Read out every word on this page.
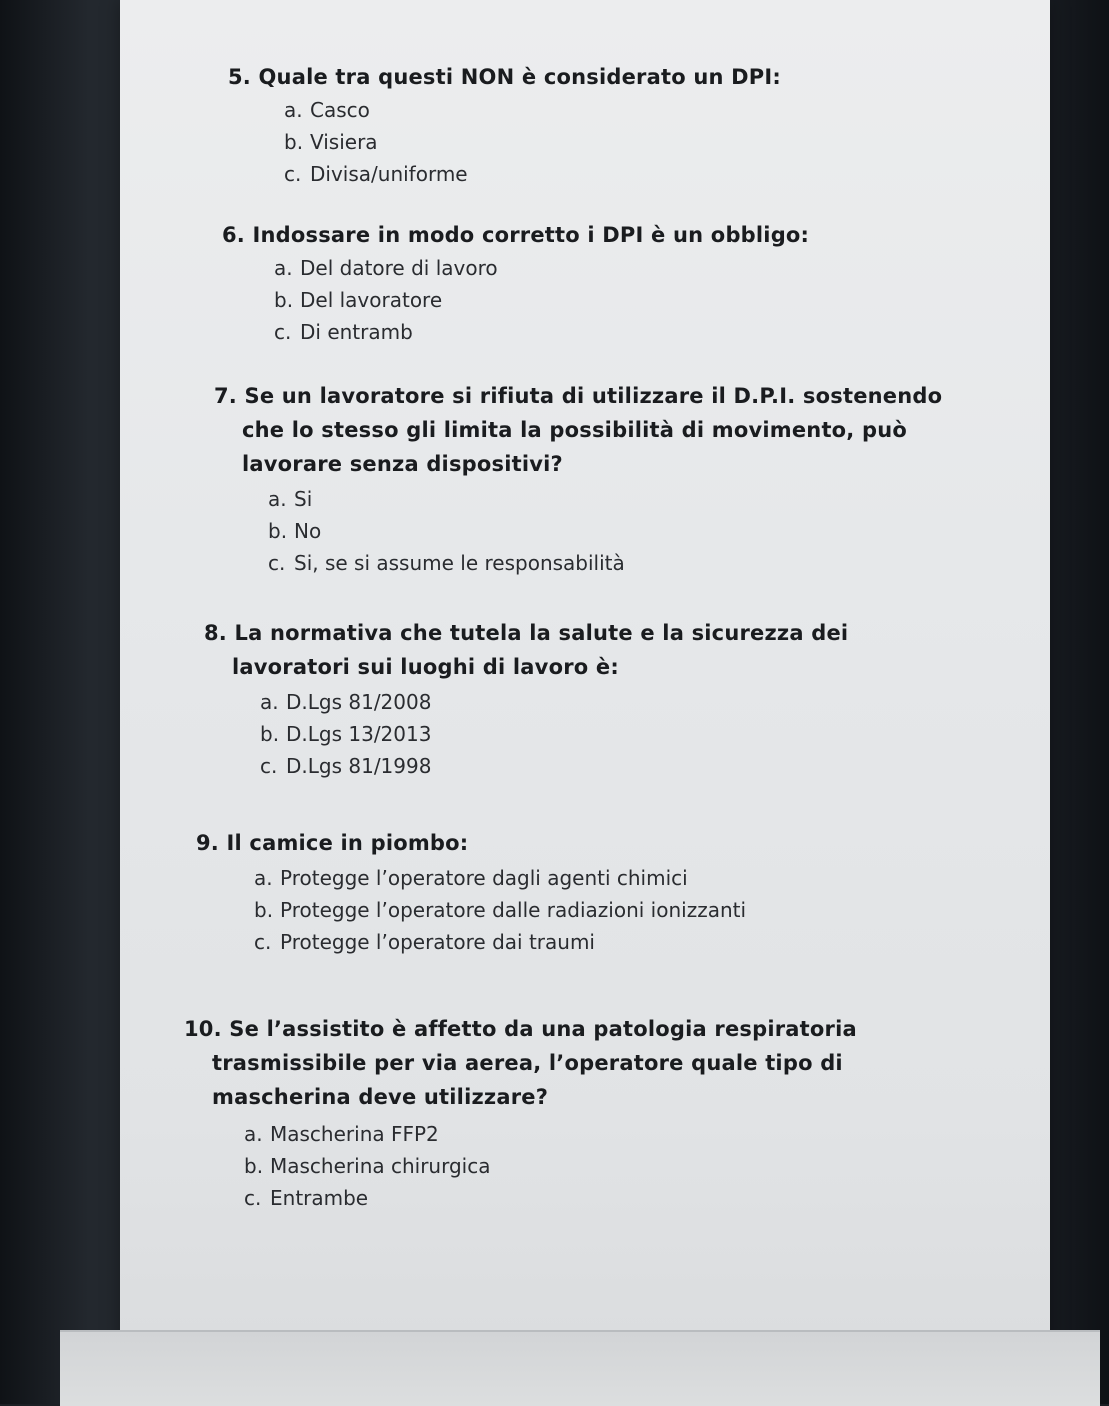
5. Quale tra questi NON è considerato un DPI:

a. Casco
b. Visiera
c. Divisa/uniforme

6. Indossare in modo corretto i DPI è un obbligo:

a. Del datore di lavoro
b. Del lavoratore
c. Di entramb

7. Se un lavoratore si rifiuta di utilizzare il D.P.I. sostenendo che lo stesso gli limita la possibilità di movimento, può lavorare senza dispositivi?

a. Si
b. No
c. Si, se si assume le responsabilità

8. La normativa che tutela la salute e la sicurezza dei lavoratori sui luoghi di lavoro è:

a. D.Lgs 81/2008
b. D.Lgs 13/2013
c. D.Lgs 81/1998

9. Il camice in piombo:

a. Protegge l’operatore dagli agenti chimici
b. Protegge l’operatore dalle radiazioni ionizzanti
c. Protegge l’operatore dai traumi

10. Se l’assistito è affetto da una patologia respiratoria trasmissibile per via aerea, l’operatore quale tipo di mascherina deve utilizzare?

a. Mascherina FFP2
b. Mascherina chirurgica
c. Entrambe
